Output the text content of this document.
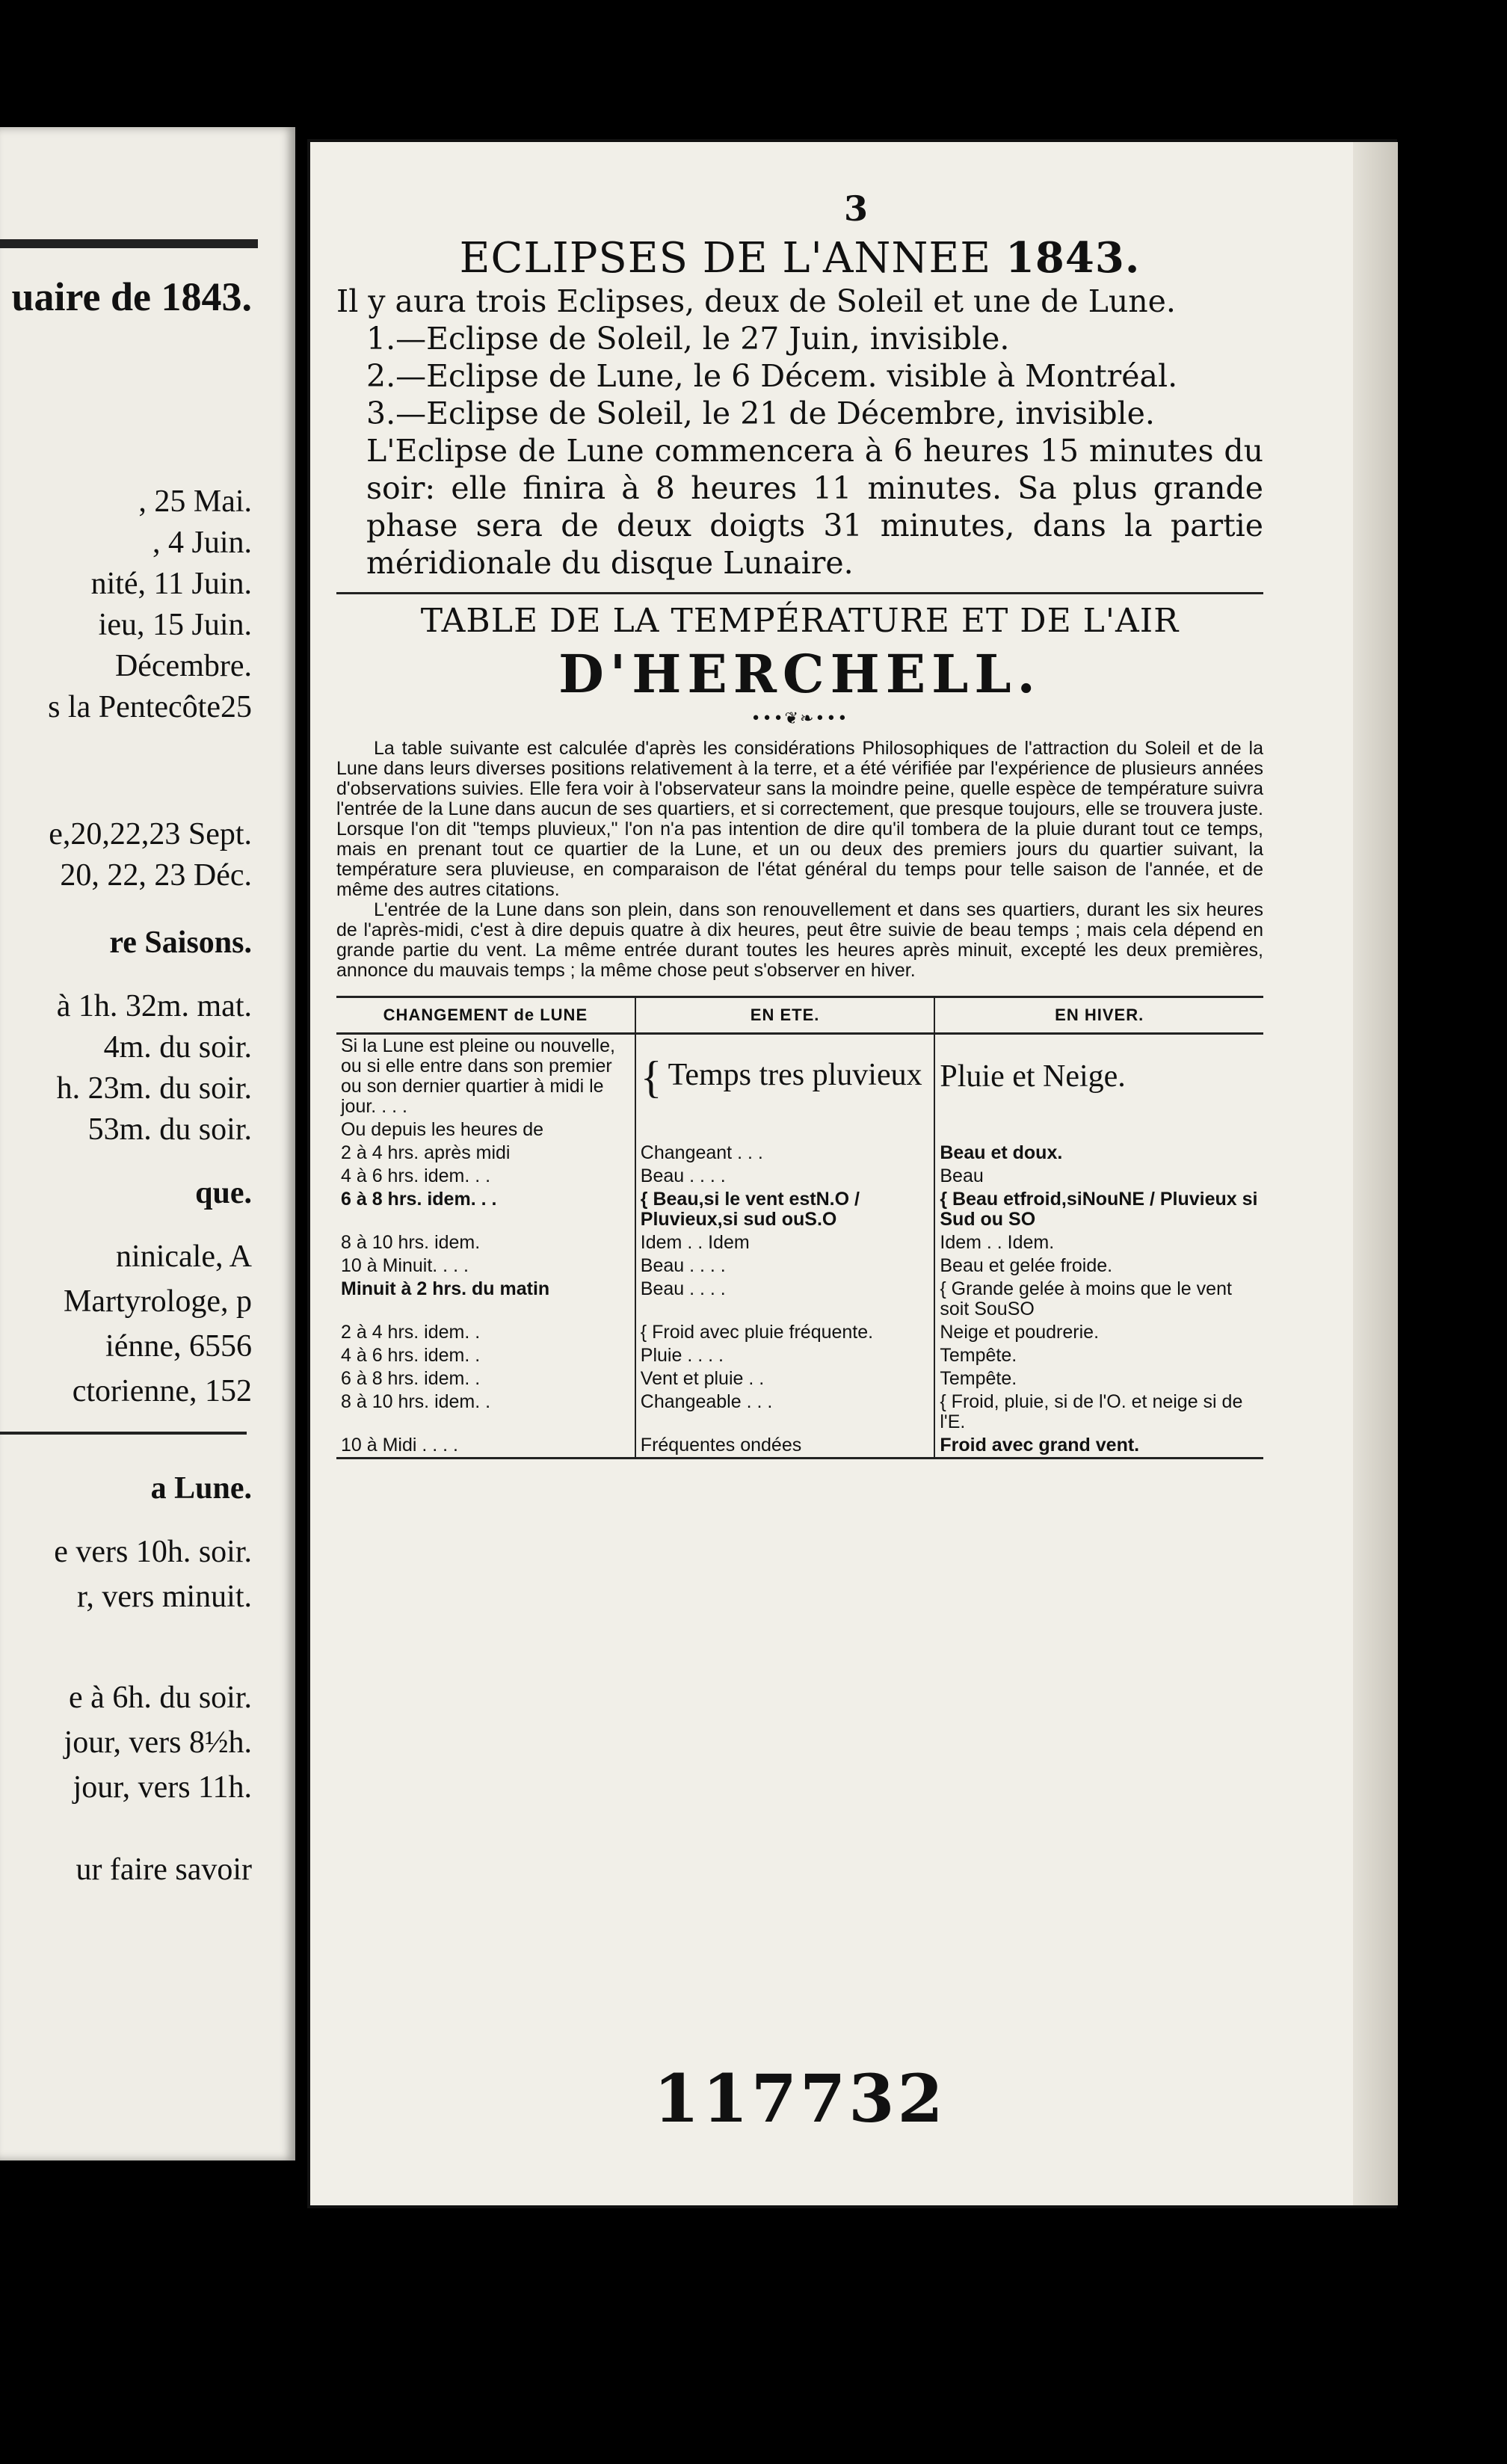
uaire de 1843.
, 25 Mai.
, 4 Juin.
nité, 11 Juin.
ieu, 15 Juin.
Décembre.
s la Pentecôte25
e,20,22,23 Sept.
20, 22, 23 Déc.
re Saisons.
à 1h. 32m. mat.
4m. du soir.
h. 23m. du soir.
53m. du soir.
que.
ninicale, A
Martyrologe, p
iénne, 6556
ctorienne, 152
a Lune.
e vers 10h. soir.
r, vers minuit.
e à 6h. du soir.
jour, vers 8½h.
jour, vers 11h.
ur faire savoir
3
ECLIPSES DE L'ANNEE 1843.

Il y aura trois Eclipses, deux de Soleil et une de Lune.

1.—Eclipse de Soleil, le 27 Juin, invisible.

2.—Eclipse de Lune, le 6 Décem. visible à Montréal.

3.—Eclipse de Soleil, le 21 de Décembre, invisible.

L'Eclipse de Lune commencera à 6 heures 15 minutes du soir: elle finira à 8 heures 11 minutes. Sa plus grande phase sera de deux doigts 31 minutes, dans la partie méridionale du disque Lunaire.

TABLE DE LA TEMPÉRATURE ET DE L'AIR
D'HERCHELL.
•••❦❧•••

La table suivante est calculée d'après les considérations Philosophiques de l'attraction du Soleil et de la Lune dans leurs diverses positions relativement à la terre, et a été vérifiée par l'expérience de plusieurs années d'observations suivies. Elle fera voir à l'observateur sans la moindre peine, quelle espèce de température suivra l'entrée de la Lune dans aucun de ses quartiers, et si correctement, que presque toujours, elle se trouvera juste. Lorsque l'on dit "temps pluvieux," l'on n'a pas intention de dire qu'il tombera de la pluie durant tout ce temps, mais en prenant tout ce quartier de la Lune, et un ou deux des premiers jours du quartier suivant, la température sera pluvieuse, en comparaison de l'état général du temps pour telle saison de l'année, et de même des autres citations.

L'entrée de la Lune dans son plein, dans son renouvellement et dans ses quartiers, durant les six heures de l'après-midi, c'est à dire depuis quatre à dix heures, peut être suivie de beau temps ; mais cela dépend en grande partie du vent. La même entrée durant toutes les heures après minuit, excepté les deux premières, annonce du mauvais temps ; la même chose peut s'observer en hiver.

CHANGEMENT de LUNE	EN ETE.	EN HIVER.
Si la Lune est pleine ou nouvelle, ou si elle entre dans son premier ou son dernier quartier à midi le jour. . . .	{ Temps tres pluvieux	Pluie et Neige.
Ou depuis les heures de		
2 à 4 hrs. après midi	Changeant . . .	Beau et doux.
4 à 6 hrs. idem. . .	Beau . . . .	Beau
6 à 8 hrs. idem. . .	{ Beau,si le vent estN.O / Pluvieux,si sud ouS.O	{ Beau etfroid,siNouNE / Pluvieux si Sud ou SO
8 à 10 hrs. idem.	Idem . . Idem	Idem . . Idem.
10 à Minuit. . . .	Beau . . . .	Beau et gelée froide.
Minuit à 2 hrs. du matin	Beau . . . .	{ Grande gelée à moins que le vent soit SouSO
2 à 4 hrs. idem. .	{ Froid avec pluie fréquente.	Neige et poudrerie.
4 à 6 hrs. idem. .	Pluie . . . .	Tempête.
6 à 8 hrs. idem. .	Vent et pluie . .	Tempête.
8 à 10 hrs. idem. .	Changeable . . .	{ Froid, pluie, si de l'O. et neige si de l'E.
10 à Midi . . . .	Fréquentes ondées	Froid avec grand vent.
117732
